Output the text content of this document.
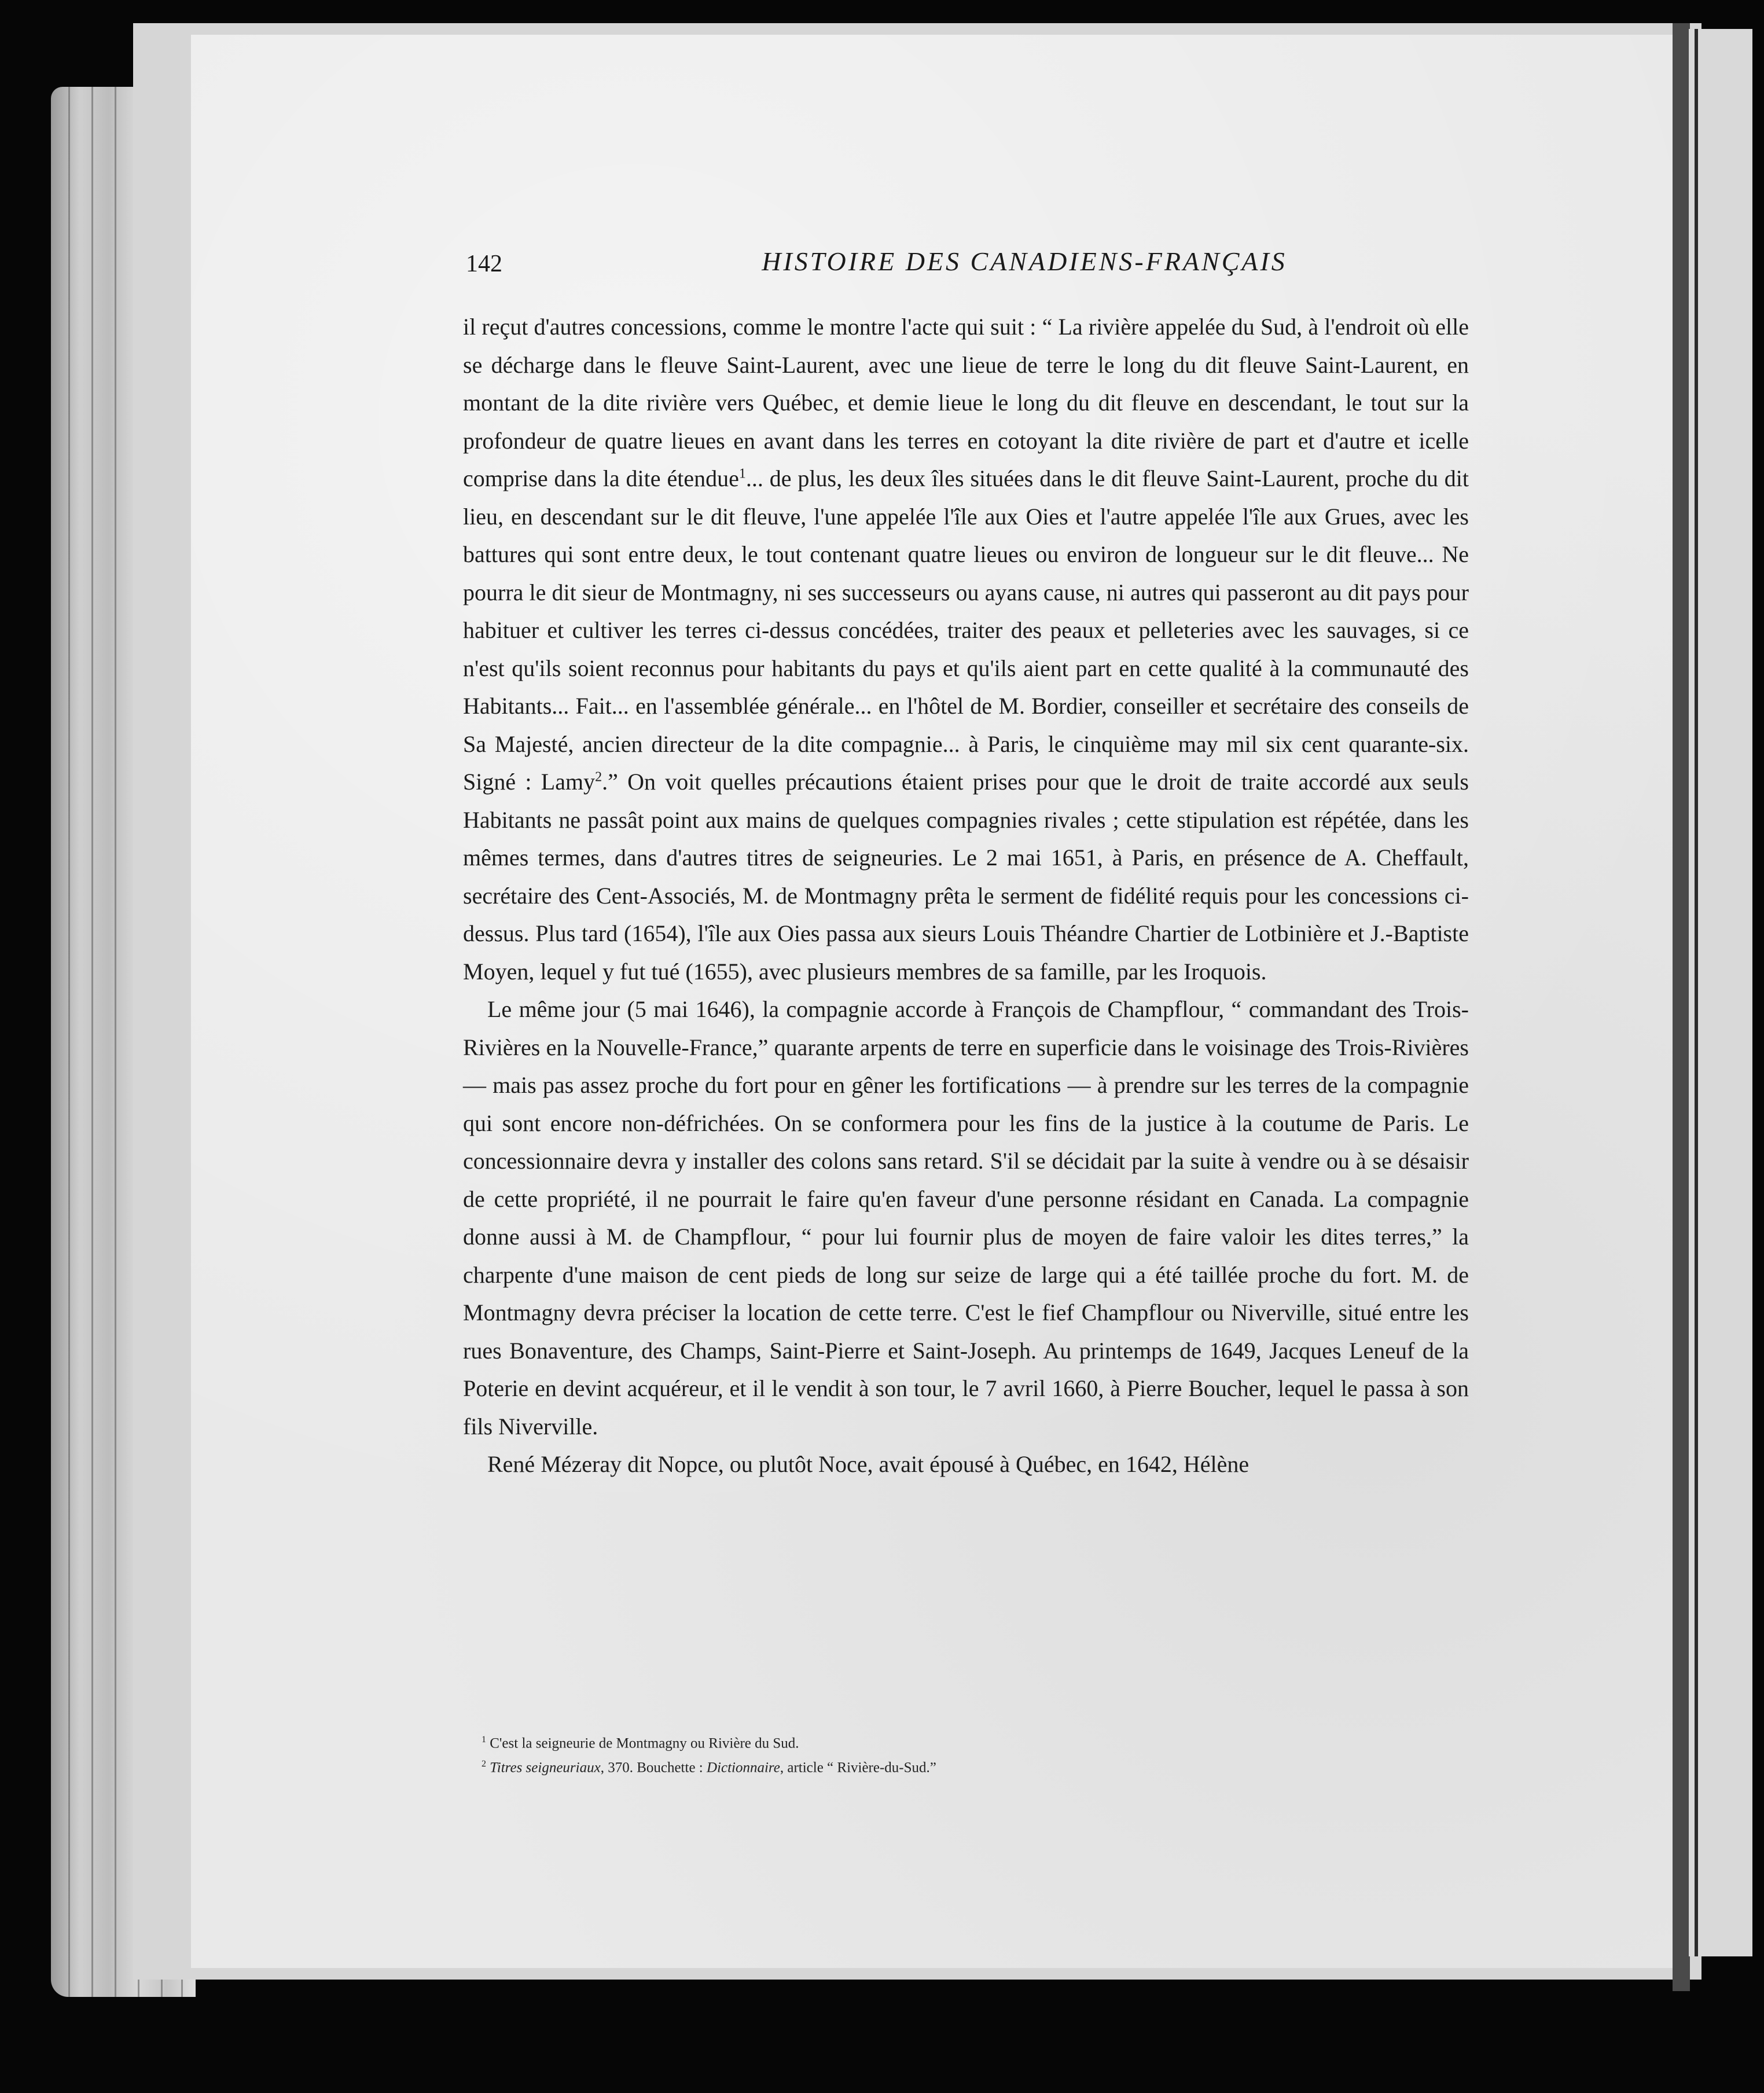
142	HISTOIRE DES CANADIENS-FRANÇAIS

il reçut d'autres concessions, comme le montre l'acte qui suit : “ La rivière appelée du Sud, à l'endroit où elle se décharge dans le fleuve Saint-Laurent, avec une lieue de terre le long du dit fleuve Saint-Laurent, en montant de la dite rivière vers Québec, et demie lieue le long du dit fleuve en descendant, le tout sur la profondeur de quatre lieues en avant dans les terres en cotoyant la dite rivière de part et d'autre et icelle comprise dans la dite étendue$^1$... de plus, les deux îles situées dans le dit fleuve Saint-Laurent, proche du dit lieu, en descendant sur le dit fleuve, l'une appelée l'île aux Oies et l'autre appelée l'île aux Grues, avec les battures qui sont entre deux, le tout contenant quatre lieues ou environ de longueur sur le dit fleuve... Ne pourra le dit sieur de Montmagny, ni ses successeurs ou ayans cause, ni autres qui passeront au dit pays pour habituer et cultiver les terres ci-dessus concédées, traiter des peaux et pelleteries avec les sauvages, si ce n'est qu'ils soient reconnus pour habitants du pays et qu'ils aient part en cette qualité à la communauté des Habitants... Fait... en l'assemblée générale... en l'hôtel de M. Bordier, conseiller et secrétaire des conseils de Sa Majesté, ancien directeur de la dite compagnie... à Paris, le cinquième may mil six cent quarante-six. Signé : Lamy$^2$.” On voit quelles précautions étaient prises pour que le droit de traite accordé aux seuls Habitants ne passât point aux mains de quelques compagnies rivales ; cette stipulation est répétée, dans les mêmes termes, dans d'autres titres de seigneuries. Le 2 mai 1651, à Paris, en présence de A. Cheffault, secrétaire des Cent-Associés, M. de Montmagny prêta le serment de fidélité requis pour les concessions ci-dessus. Plus tard (1654), l'île aux Oies passa aux sieurs Louis Théandre Chartier de Lotbinière et J.-Baptiste Moyen, lequel y fut tué (1655), avec plusieurs membres de sa famille, par les Iroquois.

Le même jour (5 mai 1646), la compagnie accorde à François de Champflour, “ commandant des Trois-Rivières en la Nouvelle-France,” quarante arpents de terre en superficie dans le voisinage des Trois-Rivières — mais pas assez proche du fort pour en gêner les fortifications — à prendre sur les terres de la compagnie qui sont encore non-défrichées. On se conformera pour les fins de la justice à la coutume de Paris. Le concessionnaire devra y installer des colons sans retard. S'il se décidait par la suite à vendre ou à se désaisir de cette propriété, il ne pourrait le faire qu'en faveur d'une personne résidant en Canada. La compagnie donne aussi à M. de Champflour, “ pour lui fournir plus de moyen de faire valoir les dites terres,” la charpente d'une maison de cent pieds de long sur seize de large qui a été taillée proche du fort. M. de Montmagny devra préciser la location de cette terre. C'est le fief Champflour ou Niverville, situé entre les rues Bonaventure, des Champs, Saint-Pierre et Saint-Joseph. Au printemps de 1649, Jacques Leneuf de la Poterie en devint acquéreur, et il le vendit à son tour, le 7 avril 1660, à Pierre Boucher, lequel le passa à son fils Niverville.

René Mézeray dit Nopce, ou plutôt Noce, avait épousé à Québec, en 1642, Hélène

$^1$ C'est la seigneurie de Montmagny ou Rivière du Sud.

$^2$ Titres seigneuriaux, 370. Bouchette : Dictionnaire, article “ Rivière-du-Sud.”
